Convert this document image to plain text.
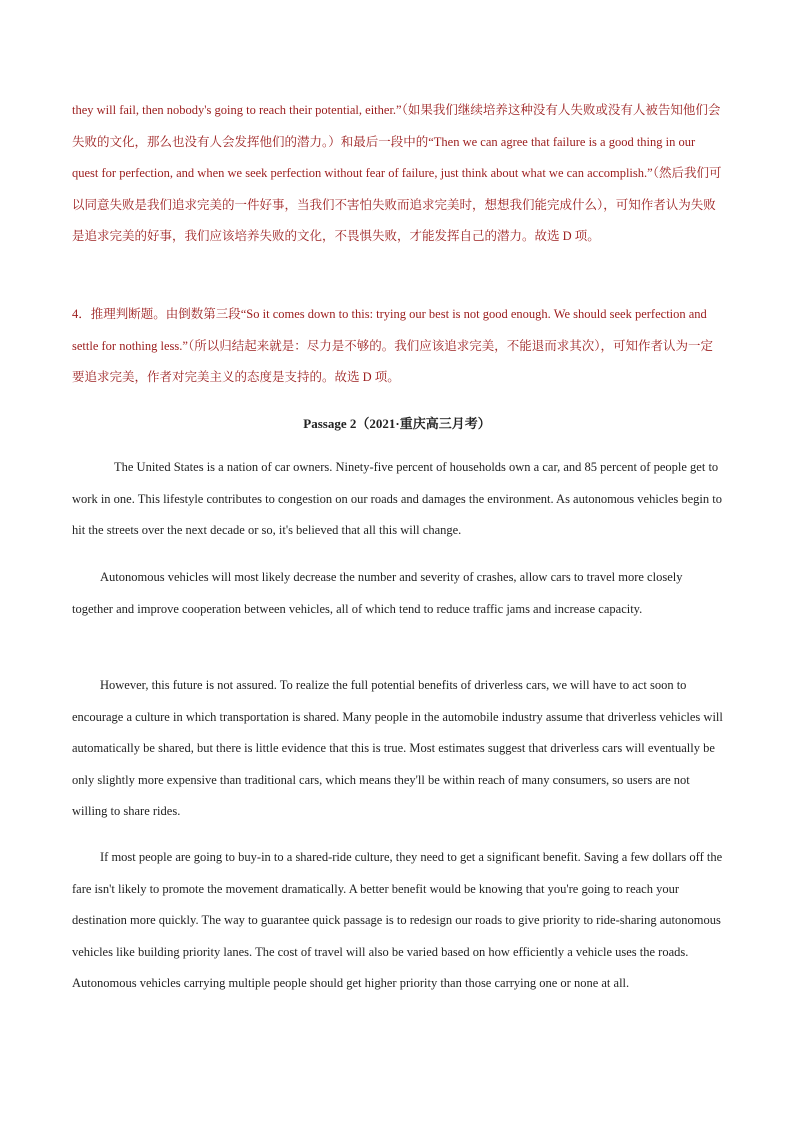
they will fail, then nobody's going to reach their potential, either.”（如果我们继续培养这种没有人失败或没有人被告知他们会失败的文化，那么也没有人会发挥他们的潜力。）和最后一段中的“Then we can agree that failure is a good thing in our quest for perfection, and when we seek perfection without fear of failure, just think about what we can accomplish.”（然后我们可以同意失败是我们追求完美的一件好事，当我们不害怕失败而追求完美时，想想我们能完成什么），可知作者认为失败是追求完美的好事，我们应该培养失败的文化，不畏惧失败，才能发挥自己的潜力。故选 D 项。

4．推理判断题。由倒数第三段“So it comes down to this: trying our best is not good enough. We should seek perfection and settle for nothing less.”（所以归结起来就是：尽力是不够的。我们应该追求完美，不能退而求其次），可知作者认为一定要追求完美，作者对完美主义的态度是支持的。故选 D 项。

Passage 2（2021·重庆高三月考）

The United States is a nation of car owners. Ninety-five percent of households own a car, and 85 percent of people get to work in one. This lifestyle contributes to congestion on our roads and damages the environment. As autonomous vehicles begin to hit the streets over the next decade or so, it's believed that all this will change.

Autonomous vehicles will most likely decrease the number and severity of crashes, allow cars to travel more closely together and improve cooperation between vehicles, all of which tend to reduce traffic jams and increase capacity.

However, this future is not assured. To realize the full potential benefits of driverless cars, we will have to act soon to encourage a culture in which transportation is shared. Many people in the automobile industry assume that driverless vehicles will automatically be shared, but there is little evidence that this is true. Most estimates suggest that driverless cars will eventually be only slightly more expensive than traditional cars, which means they'll be within reach of many consumers, so users are not willing to share rides.

If most people are going to buy-in to a shared-ride culture, they need to get a significant benefit. Saving a few dollars off the fare isn't likely to promote the movement dramatically. A better benefit would be knowing that you're going to reach your destination more quickly. The way to guarantee quick passage is to redesign our roads to give priority to ride-sharing autonomous vehicles like building priority lanes. The cost of travel will also be varied based on how efficiently a vehicle uses the roads. Autonomous vehicles carrying multiple people should get higher priority than those carrying one or none at all.
